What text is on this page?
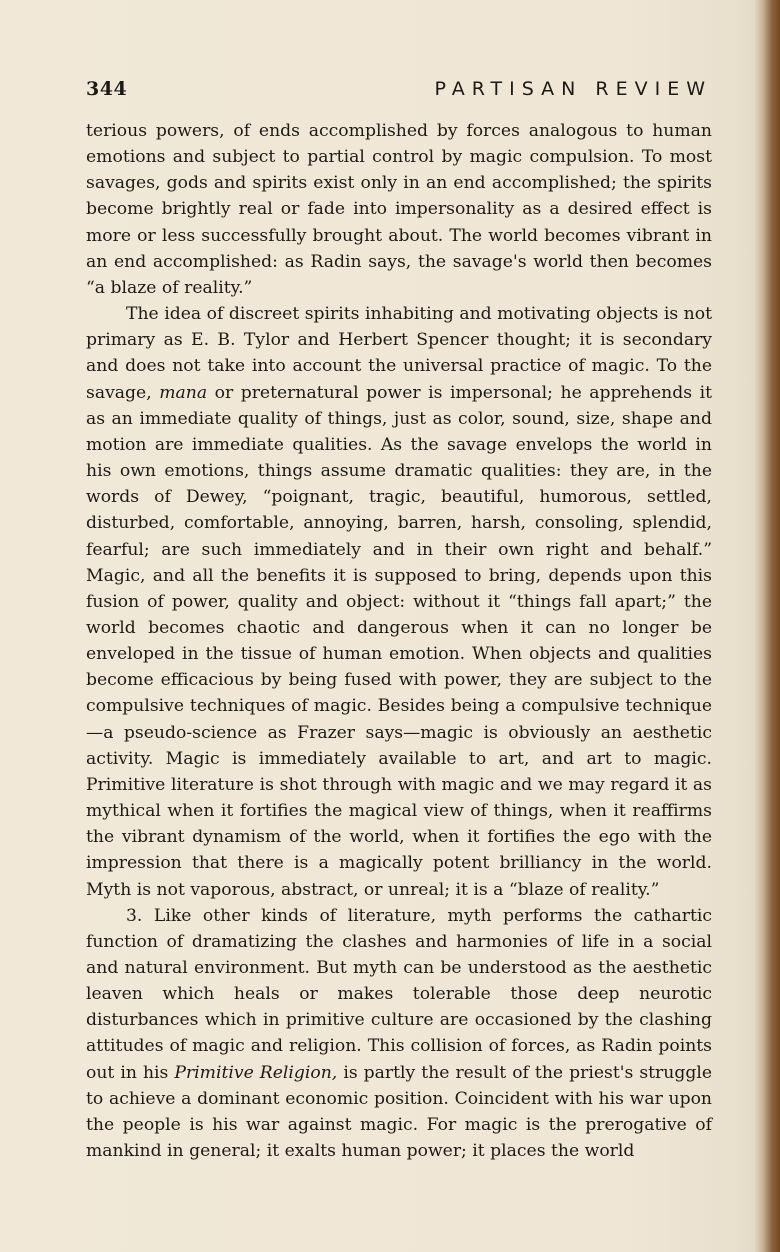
344	PARTISAN REVIEW

terious powers, of ends accomplished by forces analogous to human emotions and subject to partial control by magic compulsion. To most savages, gods and spirits exist only in an end accomplished; the spirits become brightly real or fade into impersonality as a desired effect is more or less successfully brought about. The world becomes vibrant in an end accomplished: as Radin says, the savage's world then becomes “a blaze of reality.”

The idea of discreet spirits inhabiting and motivating objects is not primary as E. B. Tylor and Herbert Spencer thought; it is secondary and does not take into account the universal practice of magic. To the savage, mana or preternatural power is impersonal; he apprehends it as an immediate quality of things, just as color, sound, size, shape and motion are immediate qualities. As the savage envelops the world in his own emotions, things assume dramatic qualities: they are, in the words of Dewey, “poignant, tragic, beautiful, humorous, settled, disturbed, comfortable, annoying, barren, harsh, consoling, splendid, fearful; are such immediately and in their own right and behalf.” Magic, and all the benefits it is supposed to bring, depends upon this fusion of power, quality and object: without it “things fall apart;” the world becomes chaotic and dangerous when it can no longer be enveloped in the tissue of human emotion. When objects and qualities become efficacious by being fused with power, they are subject to the compulsive techniques of magic. Besides being a compulsive technique—a pseudo-science as Frazer says—magic is obviously an aesthetic activity. Magic is immediately available to art, and art to magic. Primitive literature is shot through with magic and we may regard it as mythical when it fortifies the magical view of things, when it reaffirms the vibrant dynamism of the world, when it fortifies the ego with the impression that there is a magically potent brilliancy in the world. Myth is not vaporous, abstract, or unreal; it is a “blaze of reality.”

3. Like other kinds of literature, myth performs the cathartic function of dramatizing the clashes and harmonies of life in a social and natural environment. But myth can be understood as the aesthetic leaven which heals or makes tolerable those deep neurotic disturbances which in primitive culture are occasioned by the clashing attitudes of magic and religion. This collision of forces, as Radin points out in his Primitive Religion, is partly the result of the priest's struggle to achieve a dominant economic position. Coincident with his war upon the people is his war against magic. For magic is the prerogative of mankind in general; it exalts human power; it places the world
